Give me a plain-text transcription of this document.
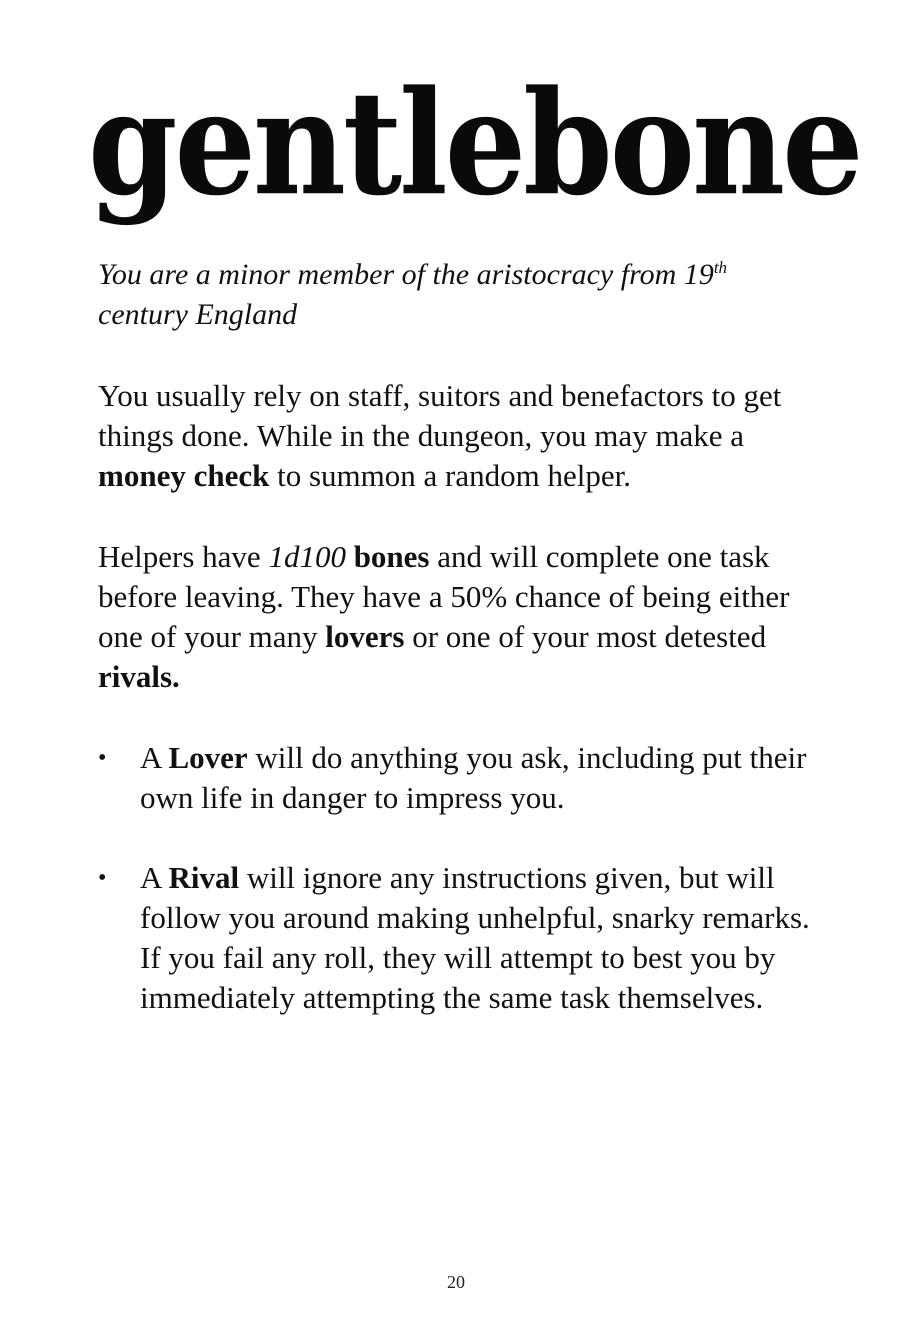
gentlebone

You are a minor member of the aristocracy from 19th century England

You usually rely on staff, suitors and benefactors to get things done. While in the dungeon, you may make a money check to summon a random helper.

Helpers have 1d100 bones and will complete one task before leaving. They have a 50% chance of being either one of your many lovers or one of your most detested rivals.

• A Lover will do anything you ask, including put their own life in danger to impress you.
• A Rival will ignore any instructions given, but will follow you around making unhelpful, snarky remarks. If you fail any roll, they will attempt to best you by immediately attempting the same task themselves.
20
